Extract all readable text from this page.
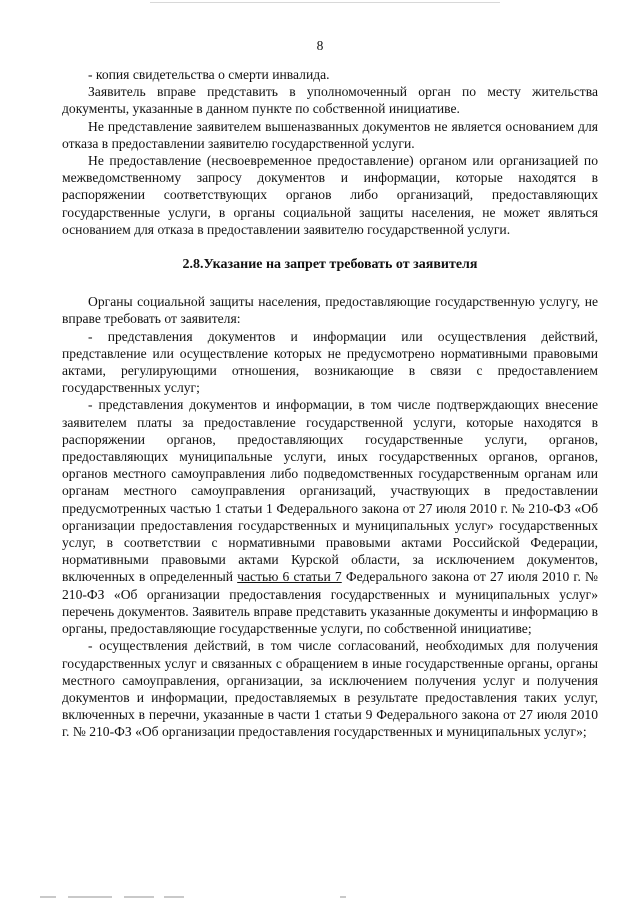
8

- копия свидетельства о смерти инвалида.

Заявитель вправе представить в уполномоченный орган по месту жительства документы, указанные в данном пункте по собственной инициативе.

Не представление заявителем вышеназванных документов не является основанием для отказа в предоставлении заявителю государственной услуги.

Не предоставление (несвоевременное предоставление) органом или организацией по межведомственному запросу документов и информации, которые находятся в распоряжении соответствующих органов либо организаций, предоставляющих государственные услуги, в органы социальной защиты населения, не может являться основанием для отказа в предоставлении заявителю государственной услуги.

2.8.Указание на запрет требовать от заявителя

Органы социальной защиты населения, предоставляющие государственную услугу, не вправе требовать от заявителя:

- представления документов и информации или осуществления действий, представление или осуществление которых не предусмотрено нормативными правовыми актами, регулирующими отношения, возникающие в связи с предоставлением государственных услуг;

- представления документов и информации, в том числе подтверждающих внесение заявителем платы за предоставление государственной услуги, которые находятся в распоряжении органов, предоставляющих государственные услуги, органов, предоставляющих муниципальные услуги, иных государственных органов, органов, органов местного самоуправления либо подведомственных государственным органам или органам местного самоуправления организаций, участвующих в предоставлении предусмотренных частью 1 статьи 1 Федерального закона от 27 июля 2010 г. № 210-ФЗ «Об организации предоставления государственных и муниципальных услуг» государственных услуг, в соответствии с нормативными правовыми актами Российской Федерации, нормативными правовыми актами Курской области, за исключением документов, включенных в определенный частью 6 статьи 7 Федерального закона от 27 июля 2010 г. № 210-ФЗ «Об организации предоставления государственных и муниципальных услуг» перечень документов. Заявитель вправе представить указанные документы и информацию в органы, предоставляющие государственные услуги, по собственной инициативе;

- осуществления действий, в том числе согласований, необходимых для получения государственных услуг и связанных с обращением в иные государственные органы, органы местного самоуправления, организации, за исключением получения услуг и получения документов и информации, предоставляемых в результате предоставления таких услуг, включенных в перечни, указанные в части 1 статьи 9 Федерального закона от 27 июля 2010 г. № 210-ФЗ «Об организации предоставления государственных и муниципальных услуг»;
